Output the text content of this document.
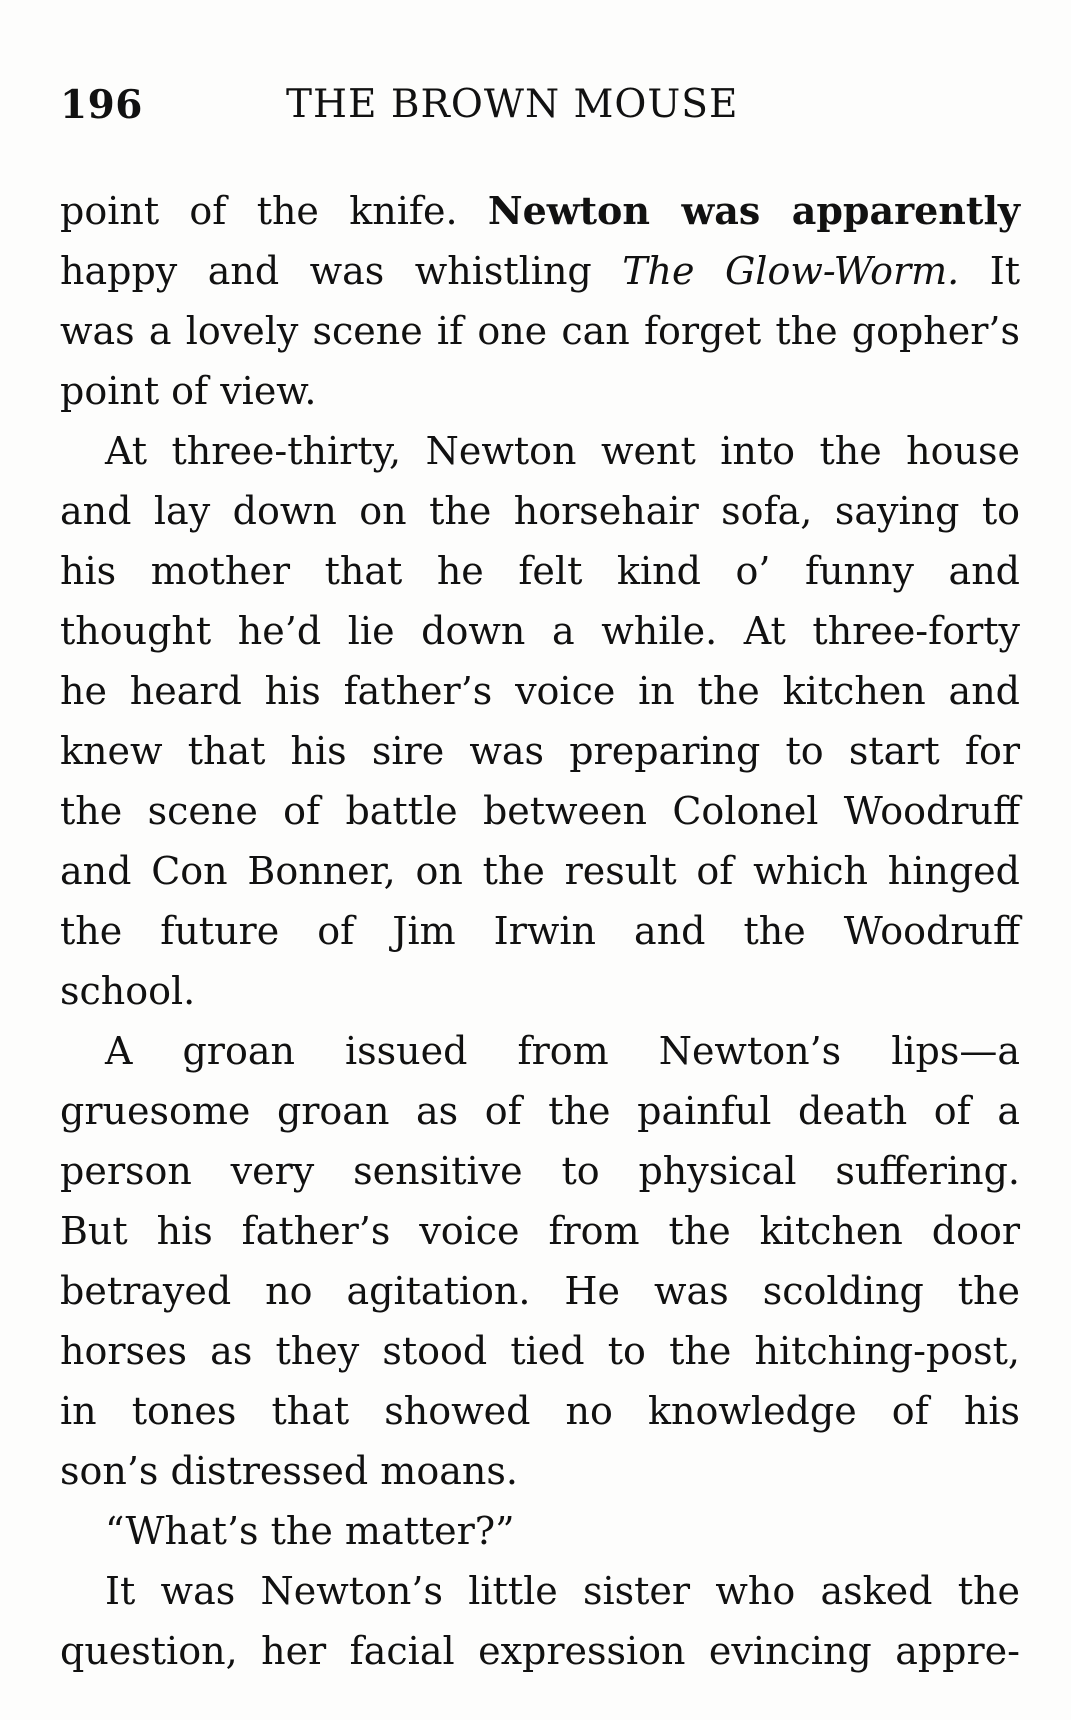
196	THE BROWN MOUSE
point of the knife. Newton was apparently
happy and was whistling The Glow-Worm. It
was a lovely scene if one can forget the gopher’s
point of view.
At three-thirty, Newton went into the house
and lay down on the horsehair sofa, saying to
his mother that he felt kind o’ funny and
thought he’d lie down a while. At three-forty
he heard his father’s voice in the kitchen and
knew that his sire was preparing to start for
the scene of battle between Colonel Woodruff
and Con Bonner, on the result of which hinged
the future of Jim Irwin and the Woodruff
school.
A groan issued from Newton’s lips—a
gruesome groan as of the painful death of a
person very sensitive to physical suffering.
But his father’s voice from the kitchen door
betrayed no agitation. He was scolding the
horses as they stood tied to the hitching-post,
in tones that showed no knowledge of his
son’s distressed moans.
“What’s the matter?”
It was Newton’s little sister who asked the
question, her facial expression evincing appre-
